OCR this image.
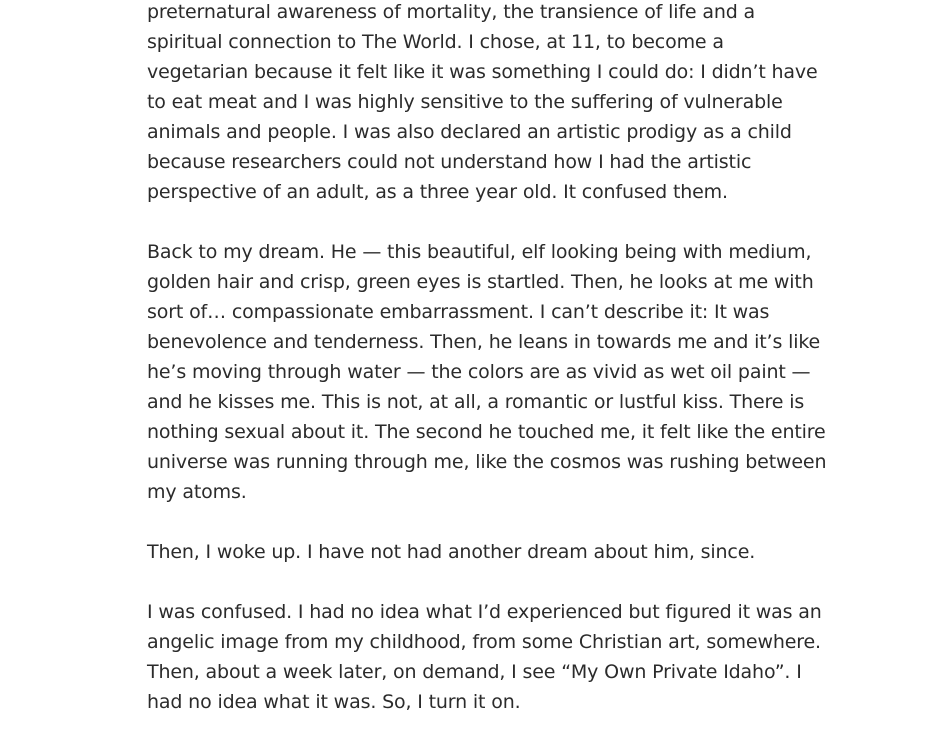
preternatural awareness of mortality, the transience of life and a spiritual connection to The World. I chose, at 11, to become a vegetarian because it felt like it was something I could do: I didn’t have to eat meat and I was highly sensitive to the suffering of vulnerable animals and people. I was also declared an artistic prodigy as a child because researchers could not understand how I had the artistic perspective of an adult, as a three year old. It confused them.

Back to my dream. He — this beautiful, elf looking being with medium, golden hair and crisp, green eyes is startled. Then, he looks at me with sort of… compassionate embarrassment. I can’t describe it: It was benevolence and tenderness. Then, he leans in towards me and it’s like he’s moving through water — the colors are as vivid as wet oil paint — and he kisses me. This is not, at all, a romantic or lustful kiss. There is nothing sexual about it. The second he touched me, it felt like the entire universe was running through me, like the cosmos was rushing between my atoms.

Then, I woke up. I have not had another dream about him, since.

I was confused. I had no idea what I’d experienced but figured it was an angelic image from my childhood, from some Christian art, somewhere. Then, about a week later, on demand, I see “My Own Private Idaho”. I had no idea what it was. So, I turn it on.
